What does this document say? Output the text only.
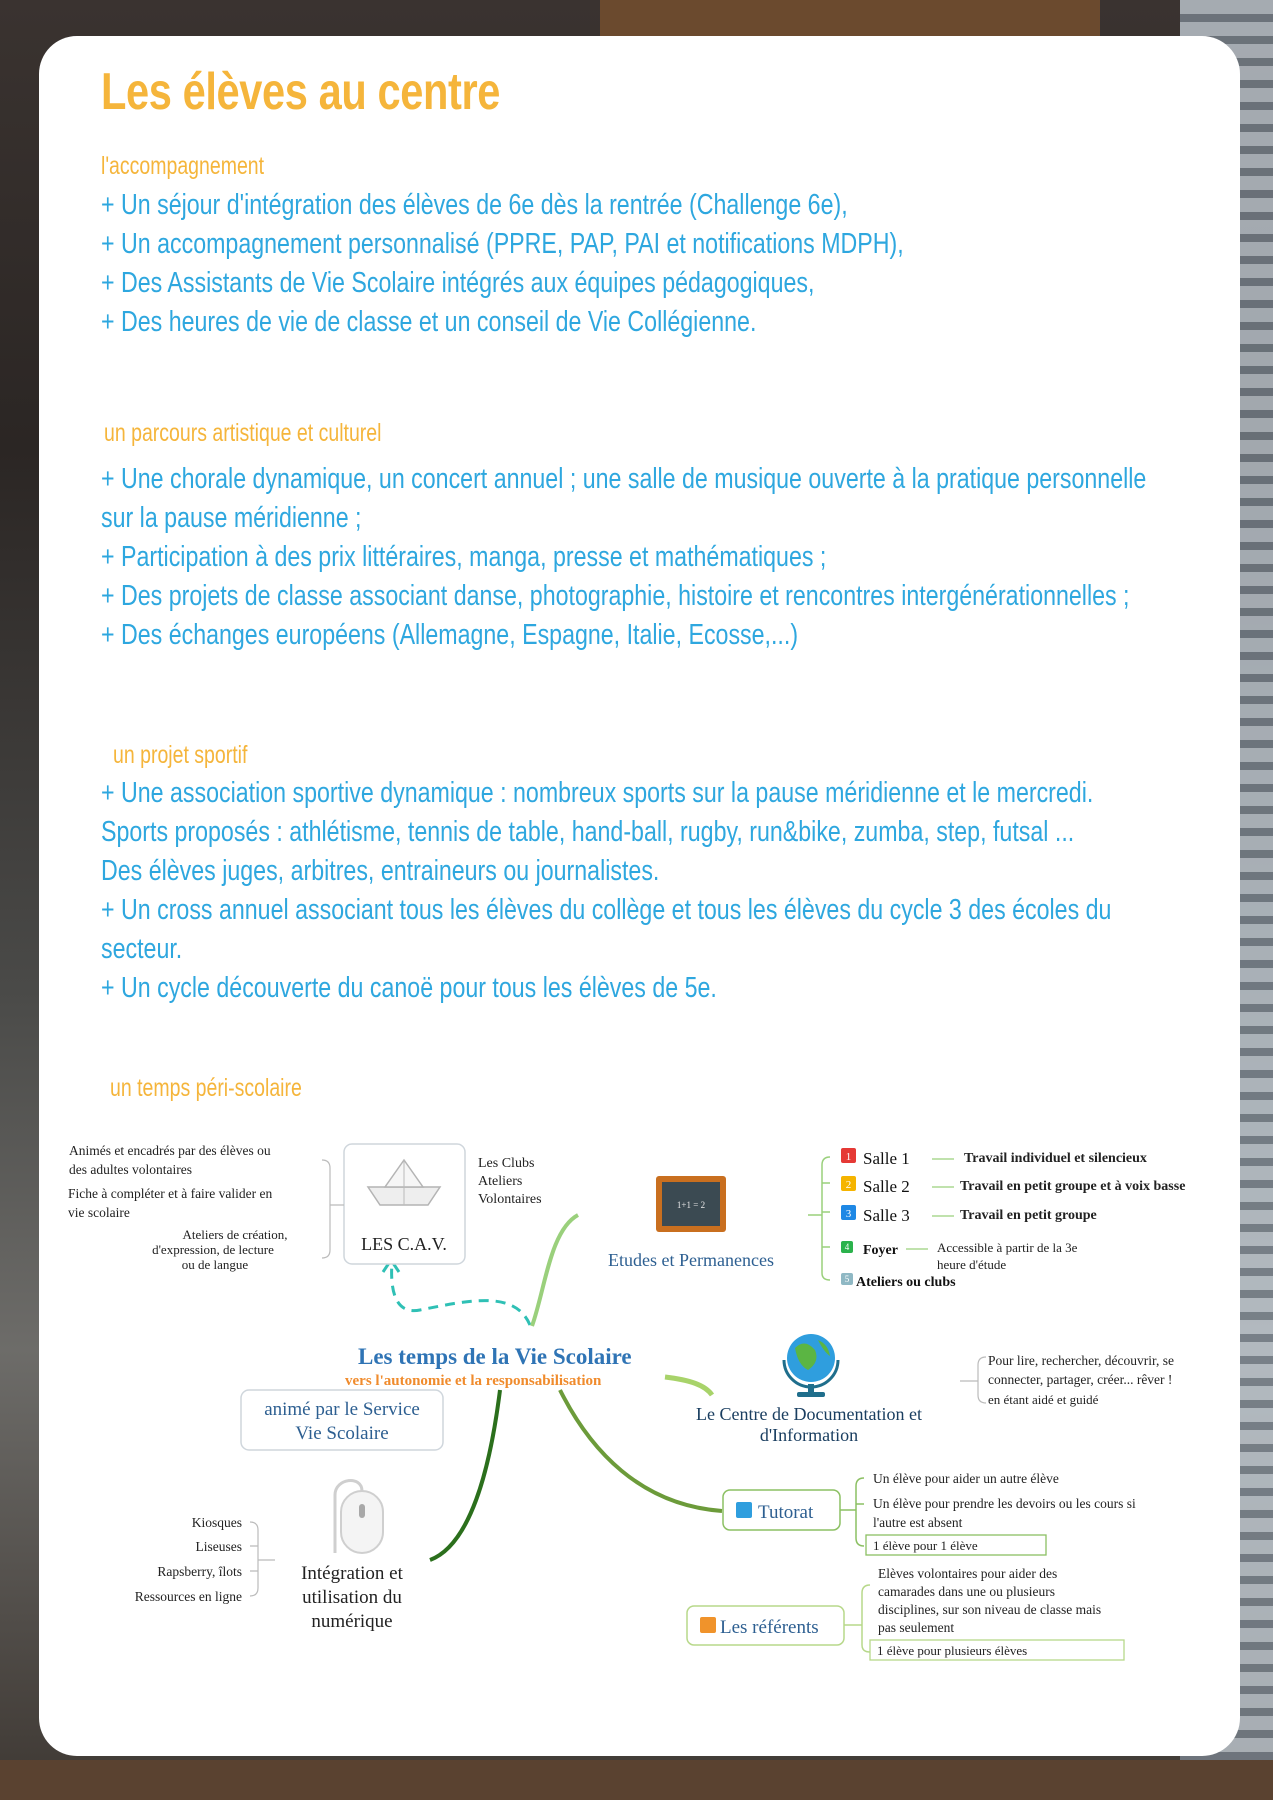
Les élèves au centre
l'accompagnement
+ Un séjour d'intégration des élèves de 6e dès la rentrée (Challenge 6e),
+ Un accompagnement personnalisé (PPRE, PAP, PAI et notifications MDPH),
+ Des Assistants de Vie Scolaire intégrés aux équipes pédagogiques,
+ Des heures de vie de classe et un conseil de Vie Collégienne.
un parcours artistique et culturel
+ Une chorale dynamique, un concert annuel ; une salle de musique ouverte à la pratique personnelle
sur la pause méridienne ;
+ Participation à des prix littéraires, manga, presse et mathématiques ;
+ Des projets de classe associant danse, photographie, histoire et rencontres intergénérationnelles ;
+ Des échanges européens (Allemagne, Espagne, Italie, Ecosse,...)
un projet sportif
+ Une association sportive dynamique : nombreux sports sur la pause méridienne et le mercredi.
Sports proposés : athlétisme, tennis de table, hand-ball, rugby, run&bike, zumba, step, futsal ...
Des élèves juges, arbitres, entraineurs ou journalistes.
+ Un cross annuel associant tous les élèves du collège et tous les élèves du cycle 3 des écoles du
secteur.
+ Un cycle découverte du canoë pour tous les élèves de 5e.
un temps péri-scolaire
Les temps de la Vie Scolaire
vers l'autonomie et la responsabilisation
animé par le Service
Vie Scolaire
LES C.A.V.
Les Clubs
Ateliers
Volontaires
Animés et encadrés par des élèves ou
des adultes volontaires
Fiche à compléter et à faire valider en
vie scolaire
Ateliers de création,
d'expression, de lecture
ou de langue
1+1 = 2
Etudes et Permanences
1 Salle 1	Travail individuel et silencieux
2 Salle 2	Travail en petit groupe et à voix basse
3 Salle 3	Travail en petit groupe
4 Foyer	Accessible à partir de la 3e
heure d'étude
5 Ateliers ou clubs
Le Centre de Documentation et
d'Information
Pour lire, rechercher, découvrir, se
connecter, partager, créer... rêver !
en étant aidé et guidé
Tutorat
Un élève pour aider un autre élève
Un élève pour prendre les devoirs ou les cours si
l'autre est absent
1 élève pour 1 élève
Les référents
Elèves volontaires pour aider des
camarades dans une ou plusieurs
disciplines, sur son niveau de classe mais
pas seulement
1 élève pour plusieurs élèves
Intégration et
utilisation du
numérique
Kiosques
Liseuses
Rapsberry, îlots
Ressources en ligne
